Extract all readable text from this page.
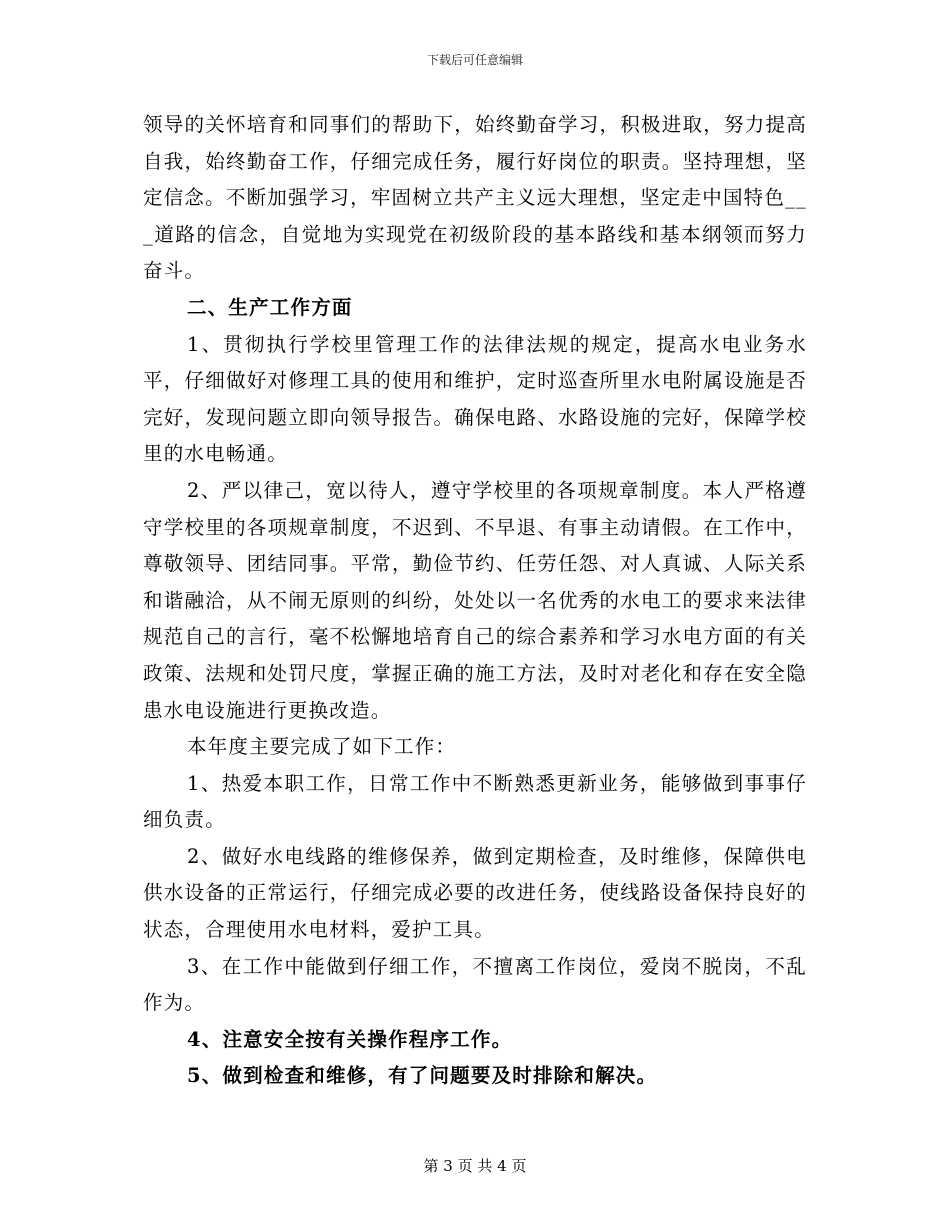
下载后可任意编辑

领导的关怀培育和同事们的帮助下，始终勤奋学习，积极进取，努力提高自我，始终勤奋工作，仔细完成任务，履行好岗位的职责。坚持理想，坚定信念。不断加强学习，牢固树立共产主义远大理想，坚定走中国特色___道路的信念，自觉地为实现党在初级阶段的基本路线和基本纲领而努力奋斗。

二、生产工作方面

1、贯彻执行学校里管理工作的法律法规的规定，提高水电业务水平，仔细做好对修理工具的使用和维护，定时巡查所里水电附属设施是否完好，发现问题立即向领导报告。确保电路、水路设施的完好，保障学校里的水电畅通。

2、严以律己，宽以待人，遵守学校里的各项规章制度。本人严格遵守学校里的各项规章制度，不迟到、不早退、有事主动请假。在工作中，尊敬领导、团结同事。平常，勤俭节约、任劳任怨、对人真诚、人际关系和谐融洽，从不闹无原则的纠纷，处处以一名优秀的水电工的要求来法律规范自己的言行，毫不松懈地培育自己的综合素养和学习水电方面的有关政策、法规和处罚尺度，掌握正确的施工方法，及时对老化和存在安全隐患水电设施进行更换改造。

本年度主要完成了如下工作：

1、热爱本职工作，日常工作中不断熟悉更新业务，能够做到事事仔细负责。

2、做好水电线路的维修保养，做到定期检查，及时维修，保障供电供水设备的正常运行，仔细完成必要的改进任务，使线路设备保持良好的状态，合理使用水电材料，爱护工具。

3、在工作中能做到仔细工作，不擅离工作岗位，爱岗不脱岗，不乱作为。

4、注意安全按有关操作程序工作。

5、做到检查和维修，有了问题要及时排除和解决。

第 3 页 共 4 页
